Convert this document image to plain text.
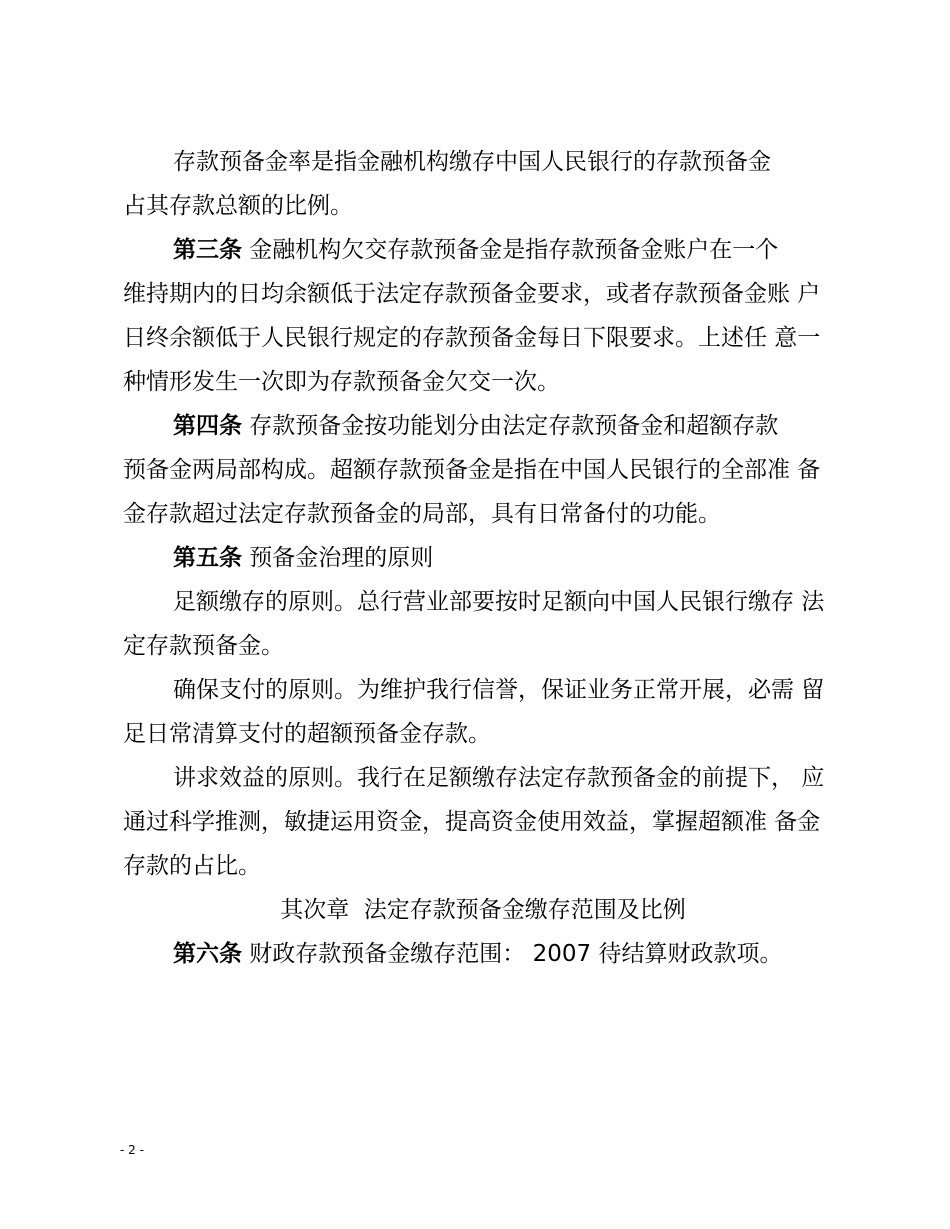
存款预备金率是指金融机构缴存中国人民银行的存款预备金
占其存款总额的比例。

第三条 金融机构欠交存款预备金是指存款预备金账户在一个
维持期内的日均余额低于法定存款预备金要求，或者存款预备金账 户
日终余额低于人民银行规定的存款预备金每日下限要求。上述任 意一
种情形发生一次即为存款预备金欠交一次。

第四条 存款预备金按功能划分由法定存款预备金和超额存款
预备金两局部构成。超额存款预备金是指在中国人民银行的全部准 备
金存款超过法定存款预备金的局部，具有日常备付的功能。

第五条 预备金治理的原则

足额缴存的原则。总行营业部要按时足额向中国人民银行缴存 法
定存款预备金。

确保支付的原则。为维护我行信誉，保证业务正常开展，必需 留
足日常清算支付的超额预备金存款。

讲求效益的原则。我行在足额缴存法定存款预备金的前提下， 应
通过科学推测，敏捷运用资金，提高资金使用效益，掌握超额准 备金
存款的占比。

其次章  法定存款预备金缴存范围及比例

第六条 财政存款预备金缴存范围： 2007 待结算财政款项。

- 2 -
